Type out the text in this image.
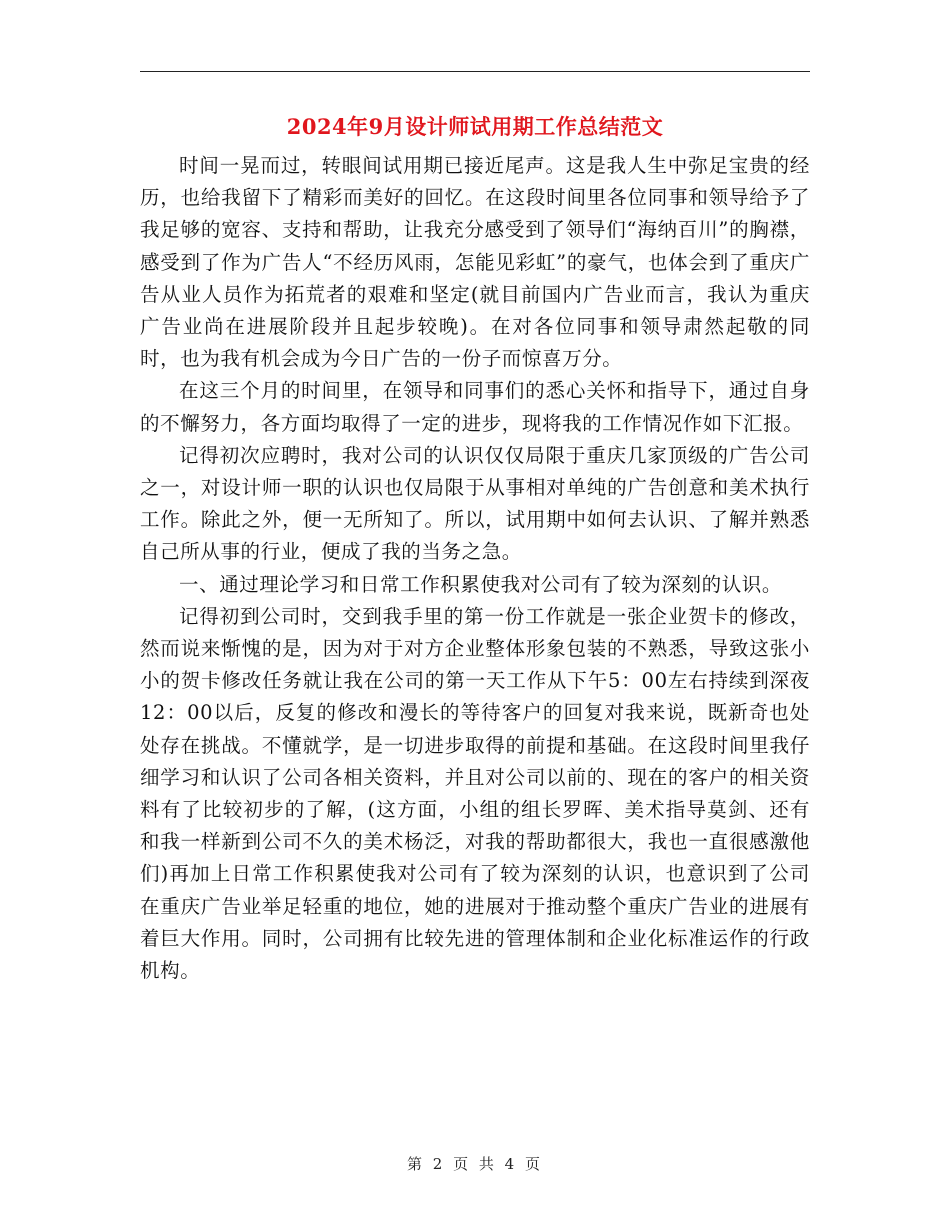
2024年9月设计师试用期工作总结范文

时间一晃而过，转眼间试用期已接近尾声。这是我人生中弥足宝贵的经历，也给我留下了精彩而美好的回忆。在这段时间里各位同事和领导给予了我足够的宽容、支持和帮助，让我充分感受到了领导们“海纳百川”的胸襟，感受到了作为广告人“不经历风雨，怎能见彩虹”的豪气，也体会到了重庆广告从业人员作为拓荒者的艰难和坚定(就目前国内广告业而言，我认为重庆广告业尚在进展阶段并且起步较晚)。在对各位同事和领导肃然起敬的同时，也为我有机会成为今日广告的一份子而惊喜万分。

在这三个月的时间里，在领导和同事们的悉心关怀和指导下，通过自身的不懈努力，各方面均取得了一定的进步，现将我的工作情况作如下汇报。

记得初次应聘时，我对公司的认识仅仅局限于重庆几家顶级的广告公司之一，对设计师一职的认识也仅局限于从事相对单纯的广告创意和美术执行工作。除此之外，便一无所知了。所以，试用期中如何去认识、了解并熟悉自己所从事的行业，便成了我的当务之急。

一、通过理论学习和日常工作积累使我对公司有了较为深刻的认识。

记得初到公司时，交到我手里的第一份工作就是一张企业贺卡的修改，然而说来惭愧的是，因为对于对方企业整体形象包装的不熟悉，导致这张小小的贺卡修改任务就让我在公司的第一天工作从下午5：00左右持续到深夜12：00以后，反复的修改和漫长的等待客户的回复对我来说，既新奇也处处存在挑战。不懂就学，是一切进步取得的前提和基础。在这段时间里我仔细学习和认识了公司各相关资料，并且对公司以前的、现在的客户的相关资料有了比较初步的了解，(这方面，小组的组长罗晖、美术指导莫剑、还有和我一样新到公司不久的美术杨泛，对我的帮助都很大，我也一直很感激他们)再加上日常工作积累使我对公司有了较为深刻的认识，也意识到了公司在重庆广告业举足轻重的地位，她的进展对于推动整个重庆广告业的进展有着巨大作用。同时，公司拥有比较先进的管理体制和企业化标准运作的行政机构。

第 2 页 共 4 页
